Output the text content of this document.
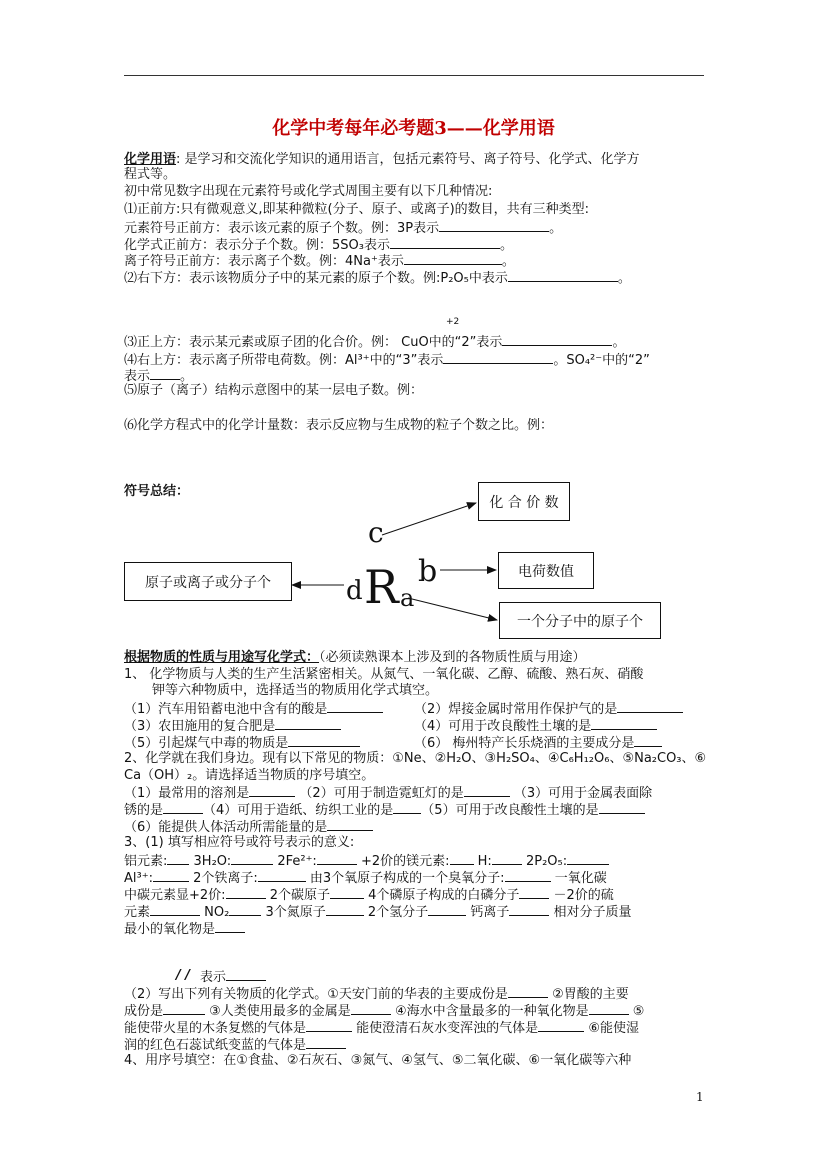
化学中考每年必考题3——化学用语
化学用语: 是学习和交流化学知识的通用语言，包括元素符号、离子符号、化学式、化学方
程式等。
初中常见数字出现在元素符号或化学式周围主要有以下几种情况:
⑴正前方:只有微观意义,即某种微粒(分子、原子、或离子)的数目，共有三种类型:
元素符号正前方：表示该元素的原子个数。例：3P表示	。
化学式正前方：表示分子个数。例：5SO₃表示	。
离子符号正前方：表示离子个数。例：4Na⁺表示	。
⑵右下方：表示该物质分子中的某元素的原子个数。例:P₂O₅中表示	。
+2
⑶正上方：表示某元素或原子团的化合价。例： CuO中的“2”表示	。
⑷右上方：表示离子所带电荷数。例：Al³⁺中的“3”表示	。SO₄²⁻中的“2”
表示 。
⑸原子（离子）结构示意图中的某一层电子数。例：
⑹化学方程式中的化学计量数：表示反应物与生成物的粒子个数之比。例：
符号总结：
化 合 价 数
电荷数值
原子或离子或分子个
一个分子中的原子个
c
b
d R a
根据物质的性质与用途写化学式：（必须读熟课本上涉及到的各物质性质与用途）
1、 化学物质与人类的生产生活紧密相关。从氮气、一氧化碳、乙醇、硫酸、熟石灰、硝酸
钾等六种物质中，选择适当的物质用化学式填空。
（1）汽车用铅蓄电池中含有的酸是	（2）焊接金属时常用作保护气的是
（3）农田施用的复合肥是	（4）可用于改良酸性土壤的是
（5）引起煤气中毒的物质是	（6） 梅州特产长乐烧酒的主要成分是
2、化学就在我们身边。现有以下常见的物质：①Ne、②H₂O、③H₂SO₄、④C₆H₁₂O₆、⑤Na₂CO₃、⑥
Ca（OH）₂。请选择适当物质的序号填空。
（1）最常用的溶剂是	（2）可用于制造霓虹灯的是	（3）可用于金属表面除
锈的是	（4）可用于造纸、纺织工业的是 （5）可用于改良酸性土壤的是
（6）能提供人体活动所需能量的是
3、(1) 填写相应符号或符号表示的意义:
铝元素: 3H₂O:	2Fe²⁺:	+2价的镁元素: H:	2P₂O₅:
Al³⁺:	2个铁离子:	由3个氧原子构成的一个臭氧分子:	一氧化碳
中碳元素显+2价:	2个碳原子	4个磷原子构成的白磷分子	－2价的硫
元素	NO₂	3个氮原子	2个氢分子	钙离子	相对分子质量
最小的氧化物是
/ / 表示
（2）写出下列有关物质的化学式。①天安门前的华表的主要成份是	②胃酸的主要
成份是	③人类使用最多的金属是	④海水中含量最多的一种氧化物是	⑤
能使带火星的木条复燃的气体是	能使澄清石灰水变浑浊的气体是	⑥能使湿
润的红色石蕊试纸变蓝的气体是
4、用序号填空：在①食盐、②石灰石、③氮气、④氢气、⑤二氧化碳、⑥一氧化碳等六种
1
